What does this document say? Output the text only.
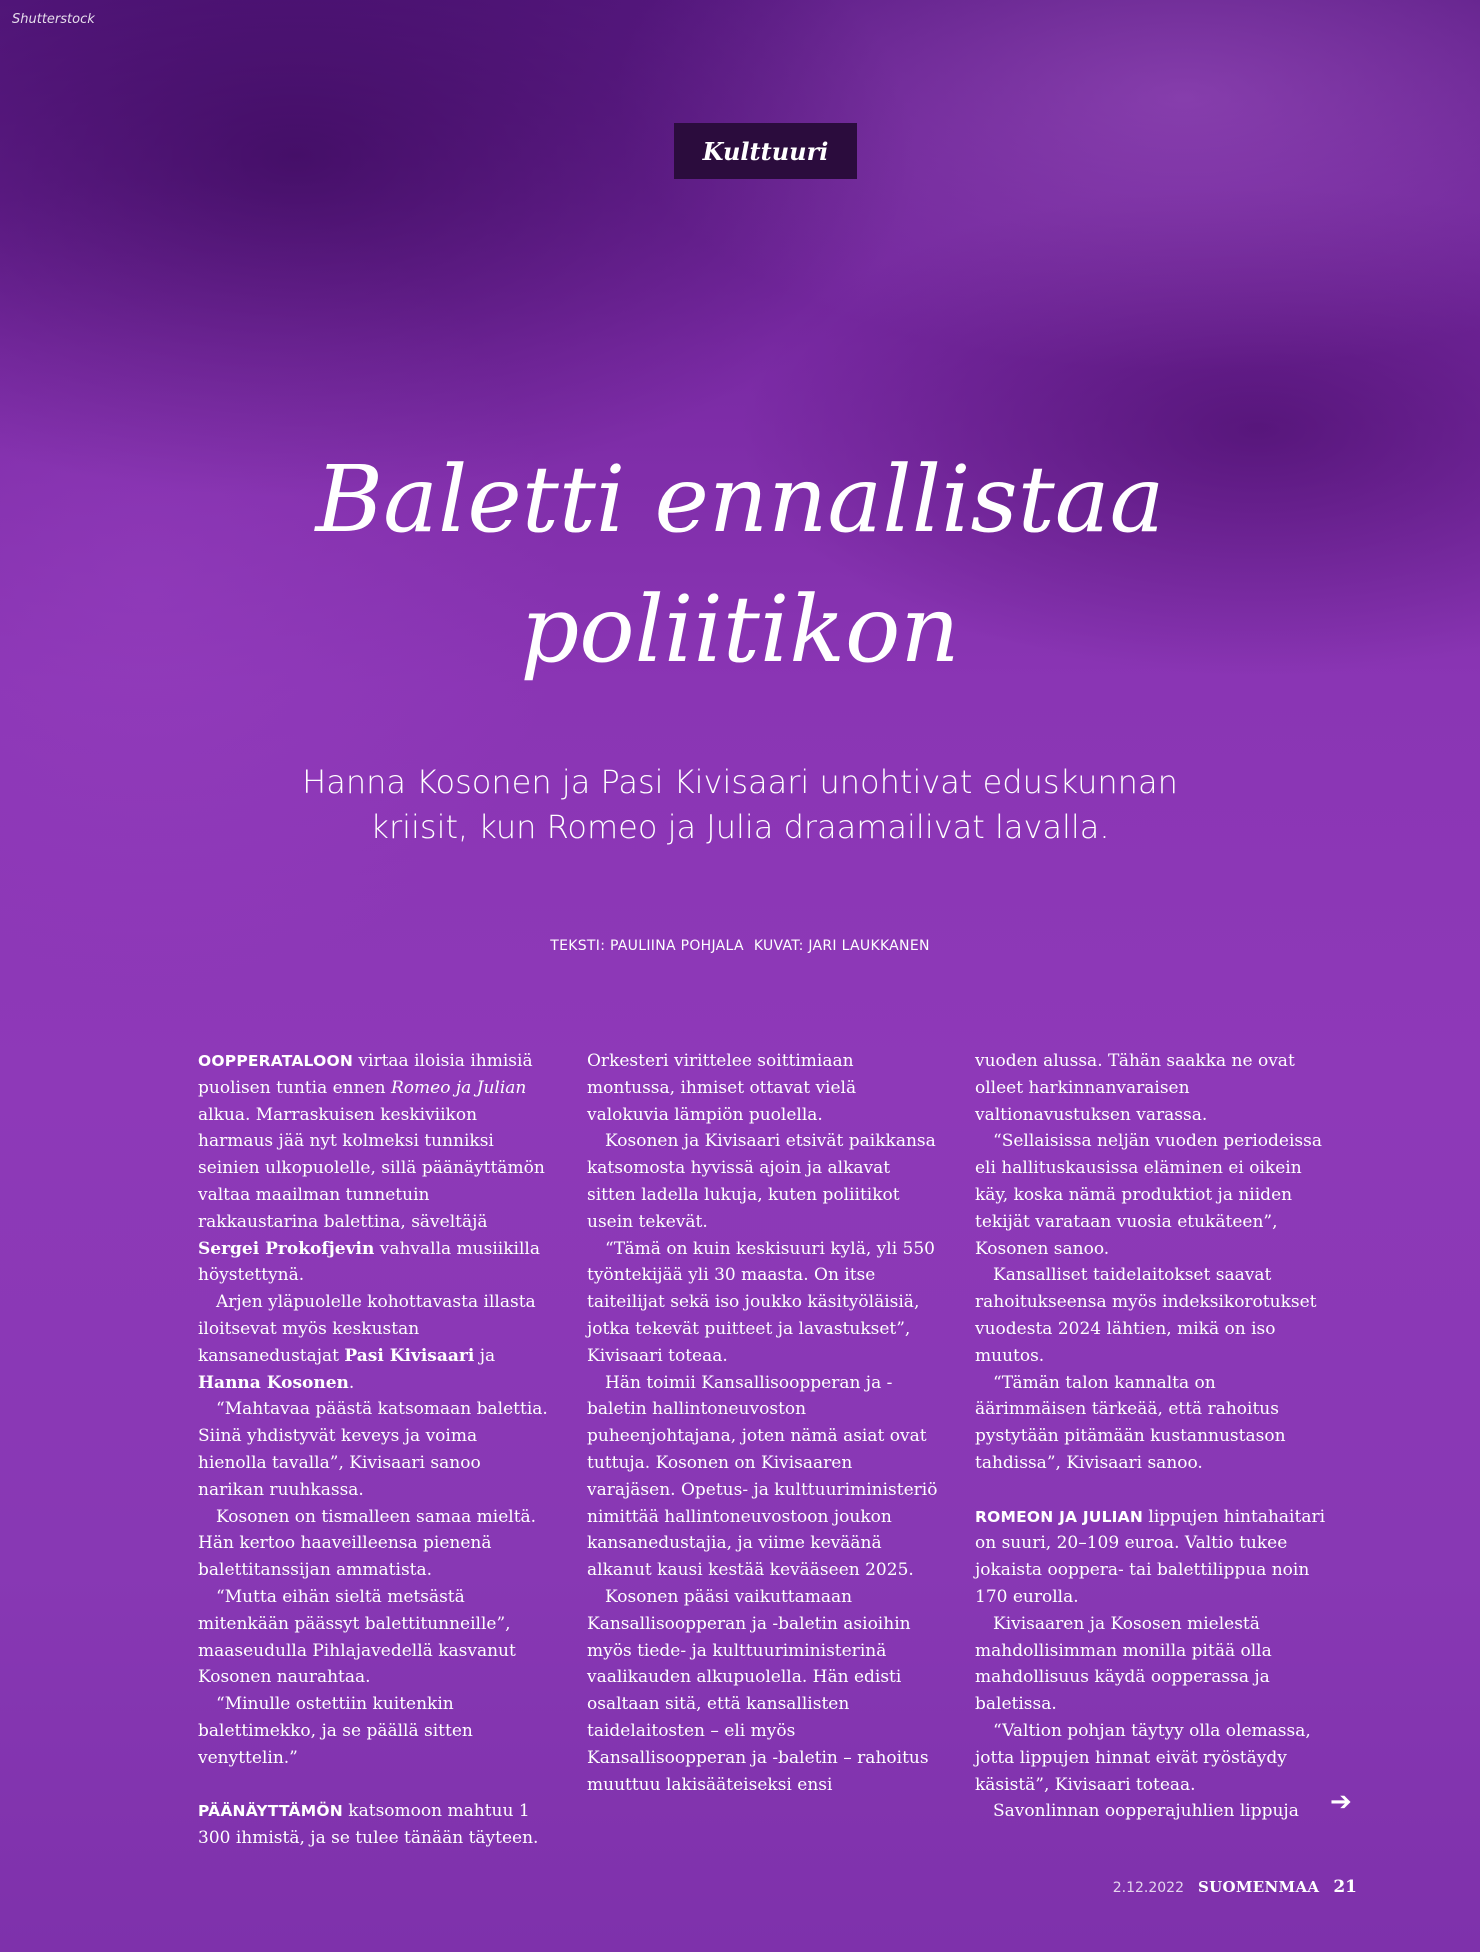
Shutterstock
Kulttuuri
Baletti ennallistaa
poliitikon
Hanna Kosonen ja Pasi Kivisaari unohtivat eduskunnan
kriisit, kun Romeo ja Julia draamailivat lavalla.
TEKSTI: PAULIINA POHJALA KUVAT: JARI LAUKKANEN

OOPPERATALOON virtaa iloisia ihmisiä puolisen tuntia ennen Romeo ja Julian alkua. Marraskuisen keskiviikon harmaus jää nyt kolmeksi tunniksi seinien ulkopuolelle, sillä päänäyttämön valtaa maailman tunnetuin rakkaustarina balettina, säveltäjä Sergei Prokofjevin vahvalla musiikilla höystettynä.

Arjen yläpuolelle kohottavasta illasta iloitsevat myös keskustan kansanedustajat Pasi Kivisaari ja Hanna Kosonen.

“Mahtavaa päästä katsomaan balettia. Siinä yhdistyvät keveys ja voima hienolla tavalla”, Kivisaari sanoo narikan ruuhkassa.

Kosonen on tismalleen samaa mieltä. Hän kertoo haaveilleensa pienenä balettitanssijan ammatista.

“Mutta eihän sieltä metsästä mitenkään päässyt balettitunneille”, maaseudulla Pihlajavedellä kasvanut Kosonen naurahtaa.

“Minulle ostettiin kuitenkin balettimekko, ja se päällä sitten venyttelin.”

PÄÄNÄYTTÄMÖN katsomoon mahtuu 1 300 ihmistä, ja se tulee tänään täyteen.

Orkesteri virittelee soittimiaan montussa, ihmiset ottavat vielä valokuvia lämpiön puolella.

Kosonen ja Kivisaari etsivät paikkansa katsomosta hyvissä ajoin ja alkavat sitten ladella lukuja, kuten poliitikot usein tekevät.

“Tämä on kuin keskisuuri kylä, yli 550 työntekijää yli 30 maasta. On itse taiteilijat sekä iso joukko käsityöläisiä, jotka tekevät puitteet ja lavastukset”, Kivisaari toteaa.

Hän toimii Kansallisoopperan ja -baletin hallintoneuvoston puheenjohtajana, joten nämä asiat ovat tuttuja. Kosonen on Kivisaaren varajäsen. Opetus- ja kulttuuriministeriö nimittää hallintoneuvostoon joukon kansanedustajia, ja viime keväänä alkanut kausi kestää kevääseen 2025.

Kosonen pääsi vaikuttamaan Kansallisoopperan ja -baletin asioihin myös tiede- ja kulttuuriministerinä vaalikauden alkupuolella. Hän edisti osaltaan sitä, että kansallisten taidelaitosten – eli myös Kansallisoopperan ja -baletin – rahoitus muuttuu lakisääteiseksi ensi

vuoden alussa. Tähän saakka ne ovat olleet harkinnanvaraisen valtionavustuksen varassa.

“Sellaisissa neljän vuoden periodeissa eli hallituskausissa eläminen ei oikein käy, koska nämä produktiot ja niiden tekijät varataan vuosia etukäteen”, Kosonen sanoo.

Kansalliset taidelaitokset saavat rahoitukseensa myös indeksikorotukset vuodesta 2024 lähtien, mikä on iso muutos.

“Tämän talon kannalta on äärimmäisen tärkeää, että rahoitus pystytään pitämään kustannustason tahdissa”, Kivisaari sanoo.

ROMEON JA JULIAN lippujen hintahaitari on suuri, 20–109 euroa. Valtio tukee jokaista ooppera- tai balettilippua noin 170 eurolla.

Kivisaaren ja Kososen mielestä mahdollisimman monilla pitää olla mahdollisuus käydä oopperassa ja baletissa.

“Valtion pohjan täytyy olla olemassa, jotta lippujen hinnat eivät ryöstäydy käsistä”, Kivisaari toteaa.

Savonlinnan oopperajuhlien lippuja	➔
2.12.2022 SUOMENMAA 21
